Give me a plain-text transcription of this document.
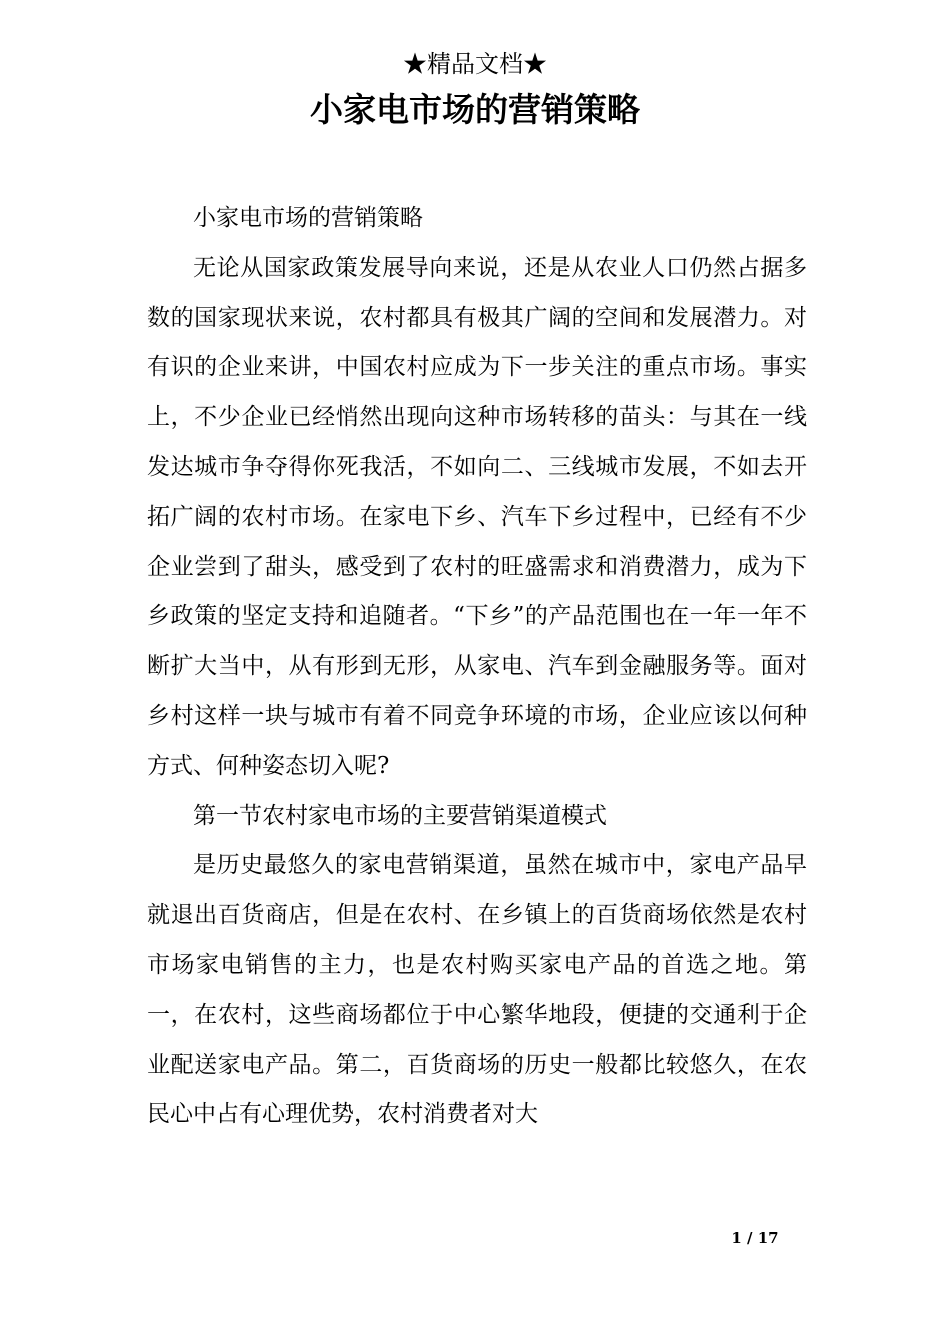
★精品文档★
小家电市场的营销策略

小家电市场的营销策略

无论从国家政策发展导向来说，还是从农业人口仍然占据多数的国家现状来说，农村都具有极其广阔的空间和发展潜力。对有识的企业来讲，中国农村应成为下一步关注的重点市场。事实上，不少企业已经悄然出现向这种市场转移的苗头：与其在一线发达城市争夺得你死我活，不如向二、三线城市发展，不如去开拓广阔的农村市场。在家电下乡、汽车下乡过程中，已经有不少企业尝到了甜头，感受到了农村的旺盛需求和消费潜力，成为下乡政策的坚定支持和追随者。“下乡”的产品范围也在一年一年不断扩大当中，从有形到无形，从家电、汽车到金融服务等。面对乡村这样一块与城市有着不同竞争环境的市场，企业应该以何种方式、何种姿态切入呢?

第一节农村家电市场的主要营销渠道模式

是历史最悠久的家电营销渠道，虽然在城市中，家电产品早就退出百货商店，但是在农村、在乡镇上的百货商场依然是农村市场家电销售的主力，也是农村购买家电产品的首选之地。第一，在农村，这些商场都位于中心繁华地段，便捷的交通利于企业配送家电产品。第二，百货商场的历史一般都比较悠久，在农民心中占有心理优势，农村消费者对大

1 / 17
